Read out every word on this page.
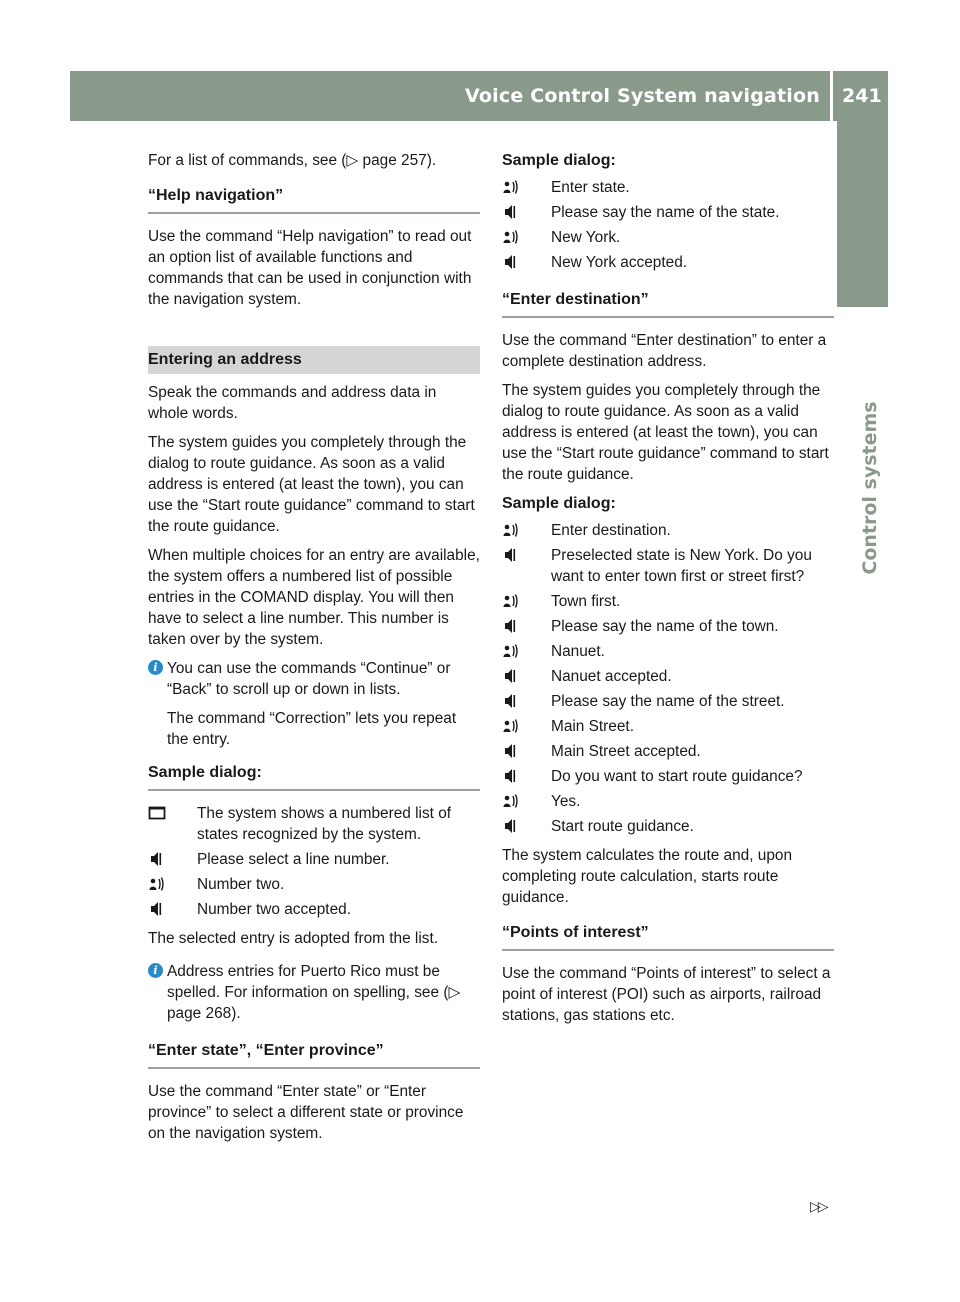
Voice Control System navigation 241
Control systems

For a list of commands, see (▷ page 257).

“Help navigation”

Use the command “Help navigation” to read out an option list of available functions and commands that can be used in conjunction with the navigation system.

Entering an address

Speak the commands and address data in whole words.

The system guides you completely through the dialog to route guidance. As soon as a valid address is entered (at least the town), you can use the “Start route guidance” command to start the route guidance.

When multiple choices for an entry are available, the system offers a numbered list of possible entries in the COMAND display. You will then have to select a line number. This number is taken over by the system.

i You can use the commands “Continue” or “Back” to scroll up or down in lists.

The command “Correction” lets you repeat the entry.

Sample dialog:

The system shows a numbered list of states recognized by the system.
Please select a line number.
Number two.
Number two accepted.

The selected entry is adopted from the list.

i Address entries for Puerto Rico must be spelled. For information on spelling, see (▷ page 268).

“Enter state”, “Enter province”

Use the command “Enter state” or “Enter province” to select a different state or province on the navigation system.

Sample dialog:

Enter state.
Please say the name of the state.
New York.
New York accepted.

“Enter destination”

Use the command “Enter destination” to enter a complete destination address.

The system guides you completely through the dialog to route guidance. As soon as a valid address is entered (at least the town), you can use the “Start route guidance” command to start the route guidance.

Sample dialog:

Enter destination.
Preselected state is New York. Do you want to enter town first or street first?
Town first.
Please say the name of the town.
Nanuet.
Nanuet accepted.
Please say the name of the street.
Main Street.
Main Street accepted.
Do you want to start route guidance?
Yes.
Start route guidance.

The system calculates the route and, upon completing route calculation, starts route guidance.

“Points of interest”

Use the command “Points of interest” to select a point of interest (POI) such as airports, railroad stations, gas stations etc.

▷▷
